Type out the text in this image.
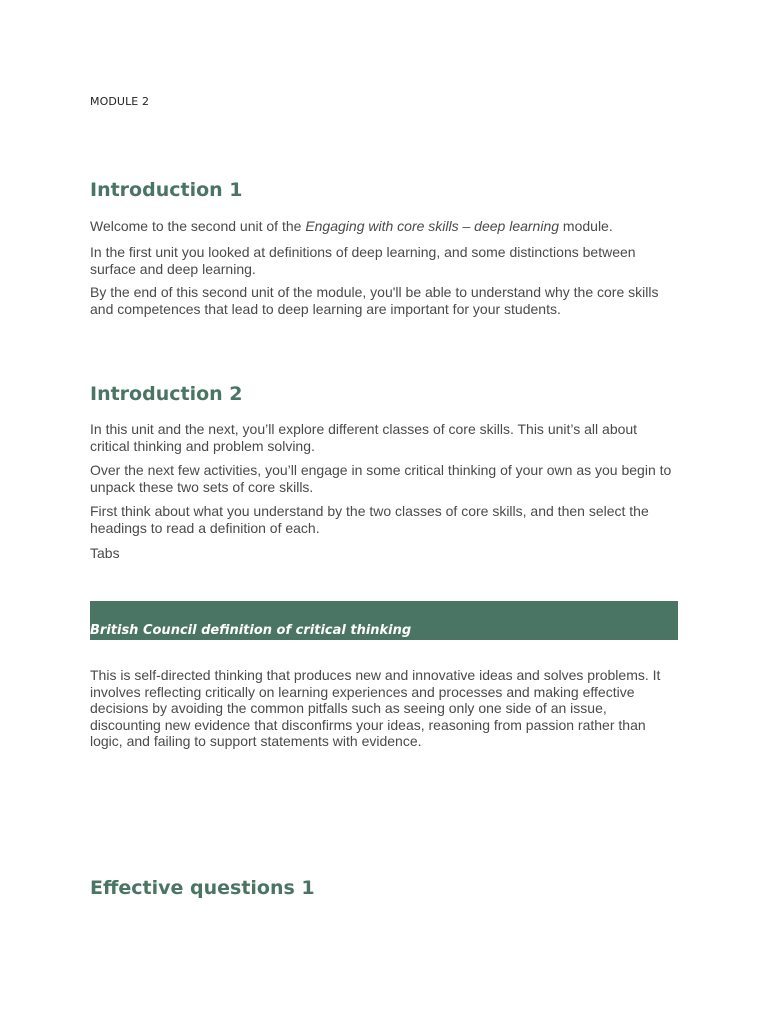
MODULE 2
Introduction 1

Welcome to the second unit of the Engaging with core skills – deep learning module.

In the first unit you looked at definitions of deep learning, and some distinctions between surface and deep learning.

By the end of this second unit of the module, you'll be able to understand why the core skills and competences that lead to deep learning are important for your students.

Introduction 2

In this unit and the next, you’ll explore different classes of core skills. This unit’s all about critical thinking and problem solving.

Over the next few activities, you’ll engage in some critical thinking of your own as you begin to unpack these two sets of core skills.

First think about what you understand by the two classes of core skills, and then select the headings to read a definition of each.

Tabs

British Council definition of critical thinking

This is self-directed thinking that produces new and innovative ideas and solves problems. It involves reflecting critically on learning experiences and processes and making effective decisions by avoiding the common pitfalls such as seeing only one side of an issue, discounting new evidence that disconfirms your ideas, reasoning from passion rather than logic, and failing to support statements with evidence.

Effective questions 1
